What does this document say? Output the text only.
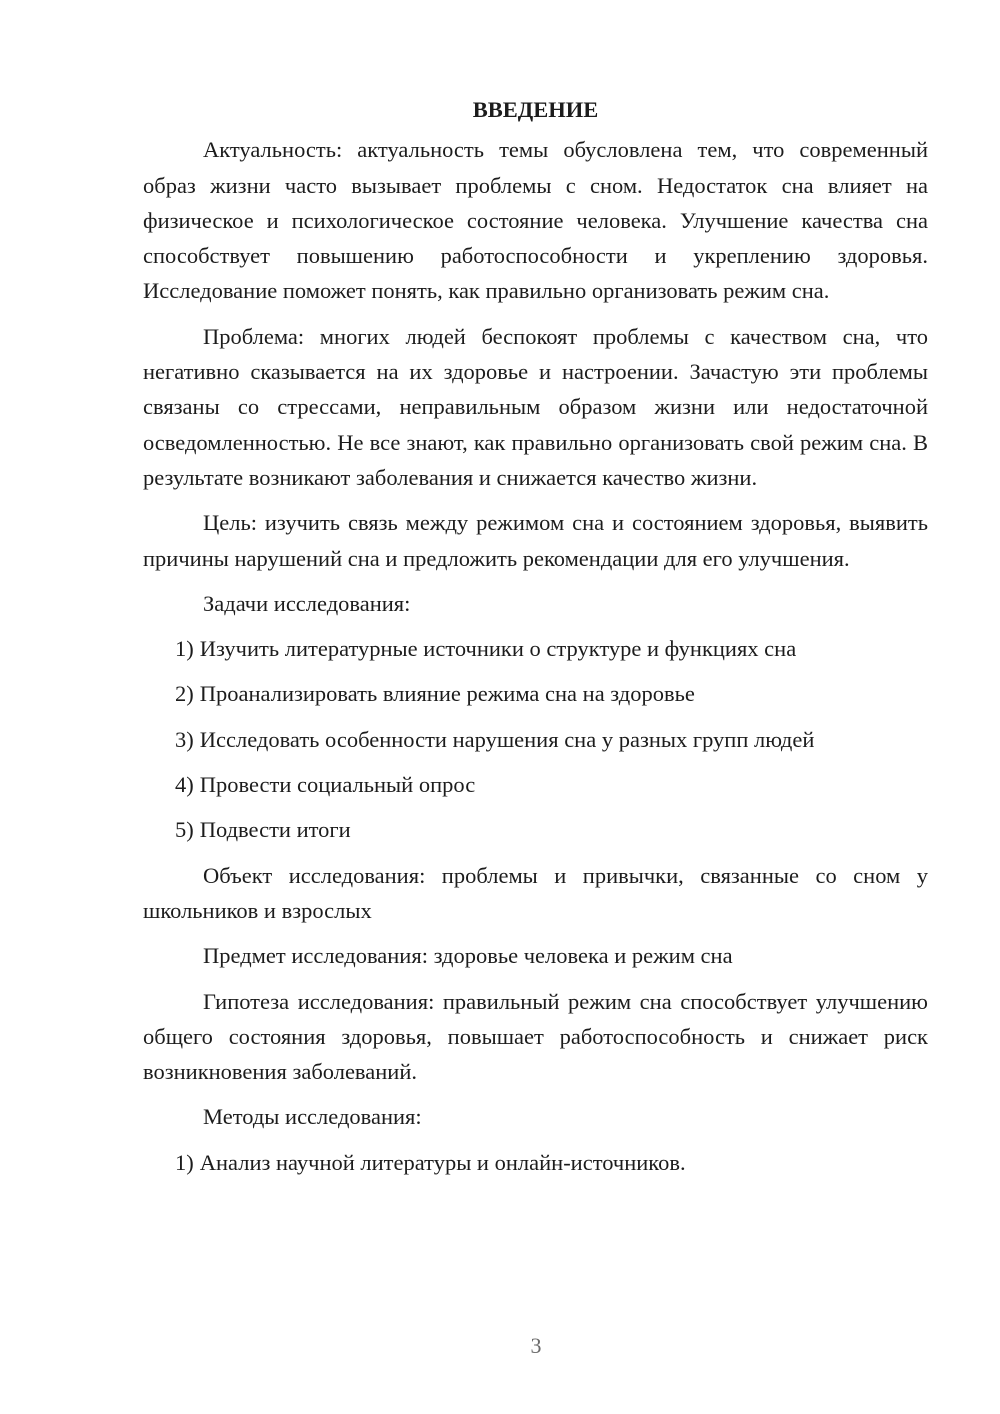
ВВЕДЕНИЕ

Актуальность: актуальность темы обусловлена тем, что современный образ жизни часто вызывает проблемы с сном. Недостаток сна влияет на физическое и психологическое состояние человека. Улучшение качества сна способствует повышению работоспособности и укреплению здоровья. Исследование поможет понять, как правильно организовать режим сна.

Проблема: многих людей беспокоят проблемы с качеством сна, что негативно сказывается на их здоровье и настроении. Зачастую эти проблемы связаны со стрессами, неправильным образом жизни или недостаточной осведомленностью. Не все знают, как правильно организовать свой режим сна. В результате возникают заболевания и снижается качество жизни.

Цель: изучить связь между режимом сна и состоянием здоровья, выявить причины нарушений сна и предложить рекомендации для его улучшения.

Задачи исследования:

1) Изучить литературные источники о структуре и функциях сна
2) Проанализировать влияние режима сна на здоровье
3) Исследовать особенности нарушения сна у разных групп людей
4) Провести социальный опрос
5) Подвести итоги

Объект исследования: проблемы и привычки, связанные со сном у школьников и взрослых

Предмет исследования: здоровье человека и режим сна

Гипотеза исследования: правильный режим сна способствует улучшению общего состояния здоровья, повышает работоспособность и снижает риск возникновения заболеваний.

Методы исследования:

1) Анализ научной литературы и онлайн-источников.
3
